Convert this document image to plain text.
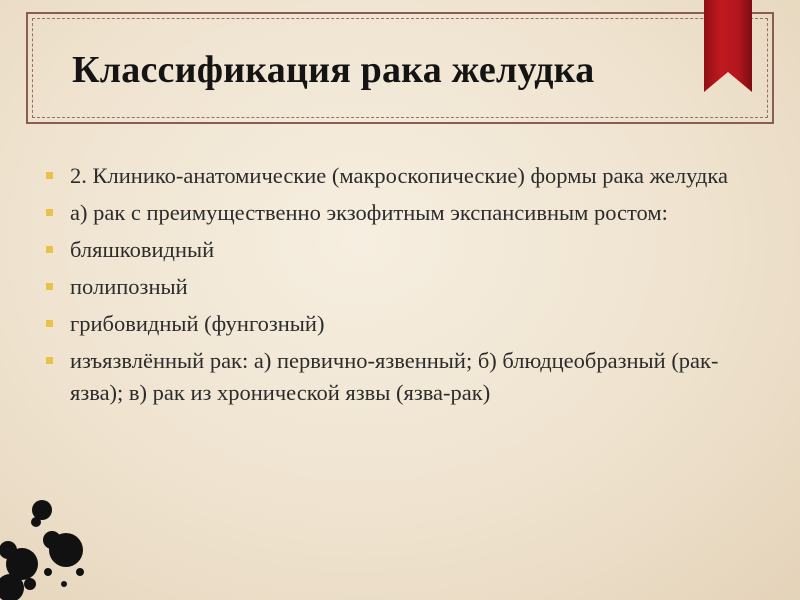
Классификация рака желудка
2. Клинико-анатомические (макроскопические) формы рака желудка
а) рак с преимущественно экзофитным экспансивным ростом:
бляшковидный
полипозный
грибовидный (фунгозный)
изъязвлённый рак: а) первично-язвенный; б) блюдцеобразный (рак-язва); в) рак из хронической язвы (язва-рак)
